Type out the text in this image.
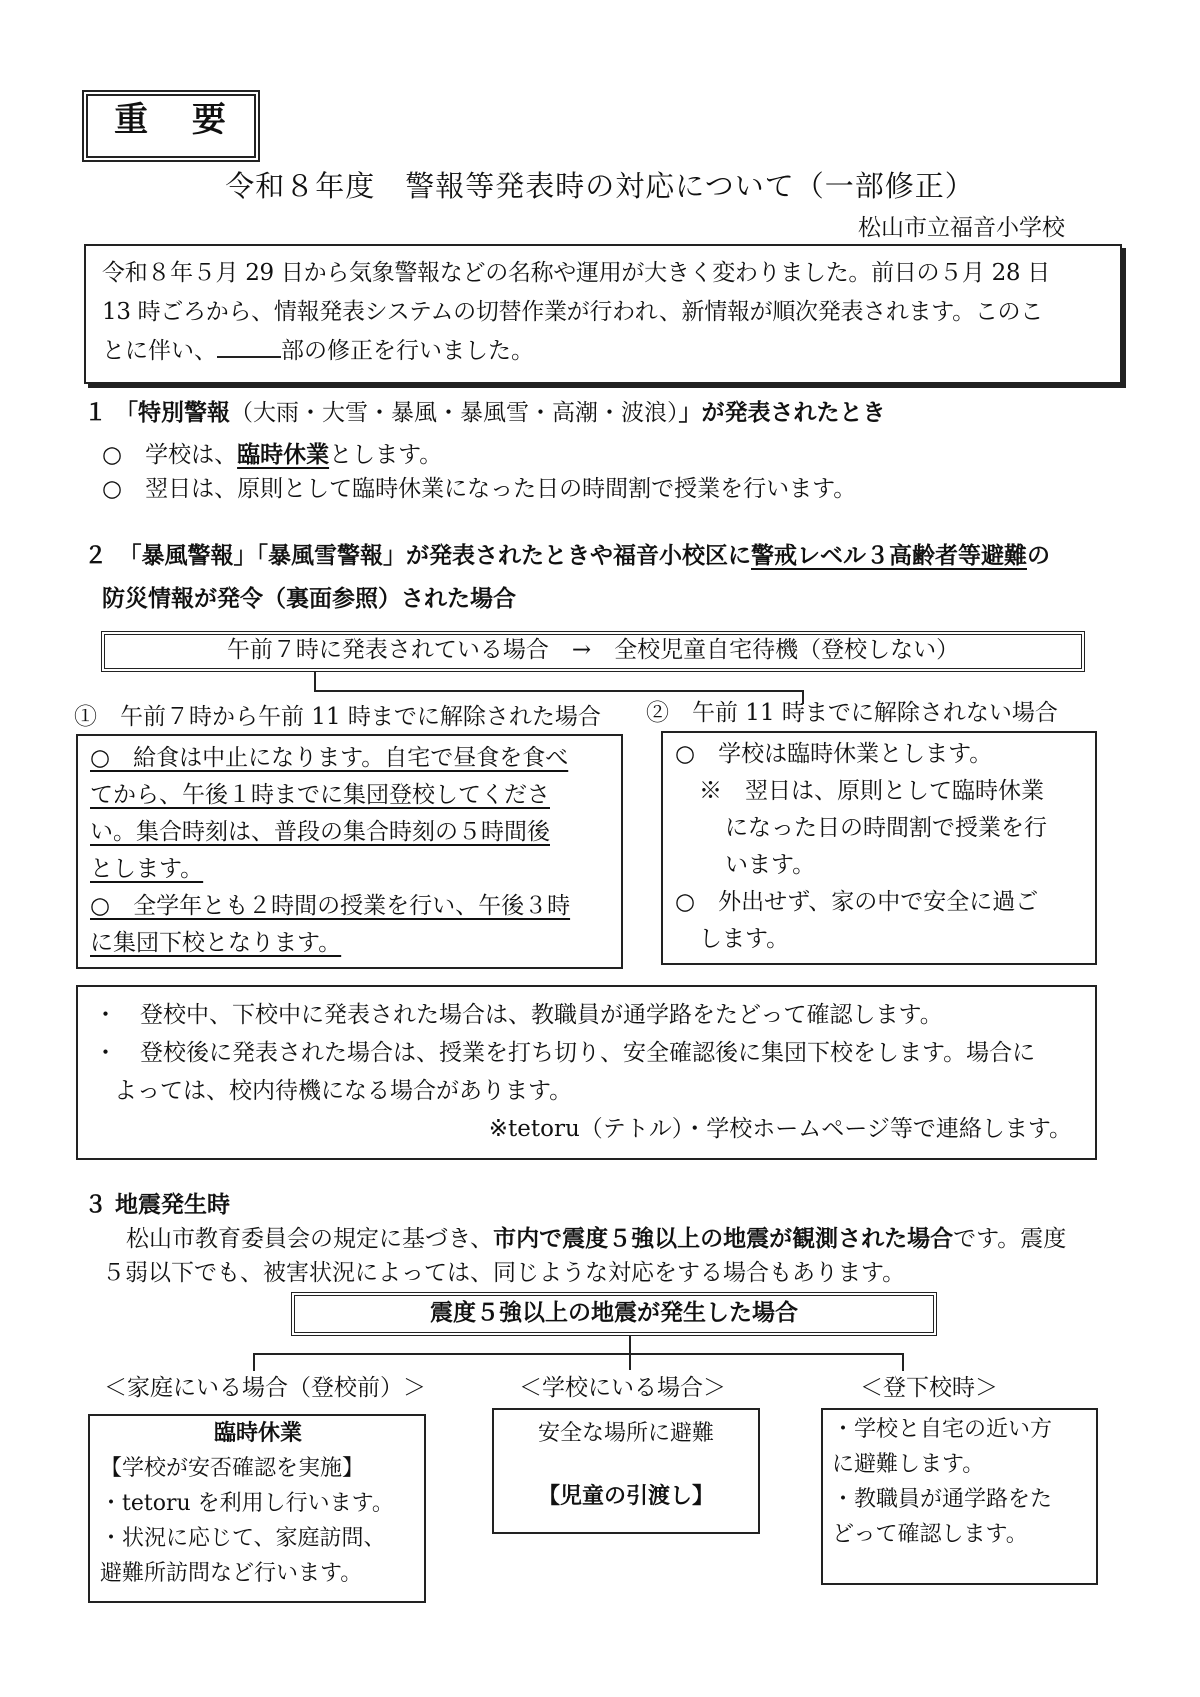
重 要
令和８年度　警報等発表時の対応について（一部修正）
松山市立福音小学校
令和８年５月 29 日から気象警報などの名称や運用が大きく変わりました。前日の５月 28 日
13 時ごろから、情報発表システムの切替作業が行われ、新情報が順次発表されます。このこ
とに伴い、	部の修正を行いました。
１ 「特別警報（大雨・大雪・暴風・暴風雪・高潮・波浪）」が発表されたとき
○　学校は、臨時休業とします。
○　翌日は、原則として臨時休業になった日の時間割で授業を行います。
２　「暴風警報」「暴風雪警報」が発表されたときや福音小校区に警戒レベル３高齢者等避難の
防災情報が発令（裏面参照）された場合
午前７時に発表されている場合　→　全校児童自宅待機（登校しない）
①　午前７時から午前 11 時までに解除された場合 ②　午前 11 時までに解除されない場合
○　給食は中止になります。自宅で昼食を食べ
てから、午後１時までに集団登校してくださ
い。集合時刻は、普段の集合時刻の５時間後
とします。
○　全学年とも２時間の授業を行い、午後３時
に集団下校となります。
○　学校は臨時休業とします。
※　翌日は、原則として臨時休業
になった日の時間割で授業を行
います。
○　外出せず、家の中で安全に過ご
します。
・　登校中、下校中に発表された場合は、教職員が通学路をたどって確認します。
・　登校後に発表された場合は、授業を打ち切り、安全確認後に集団下校をします。場合に
よっては、校内待機になる場合があります。
※tetoru（テトル）・学校ホームページ等で連絡します。
３ 地震発生時
松山市教育委員会の規定に基づき、市内で震度５強以上の地震が観測された場合です。震度
５弱以下でも、被害状況によっては、同じような対応をする場合もあります。
震度５強以上の地震が発生した場合
＜家庭にいる場合（登校前）＞	＜学校にいる場合＞	＜登下校時＞
臨時休業
【学校が安否確認を実施】
・tetoru を利用し行います。
・状況に応じて、家庭訪問、
避難所訪問など行います。
安全な場所に避難
【児童の引渡し】
・学校と自宅の近い方
に避難します。
・教職員が通学路をた
どって確認します。
